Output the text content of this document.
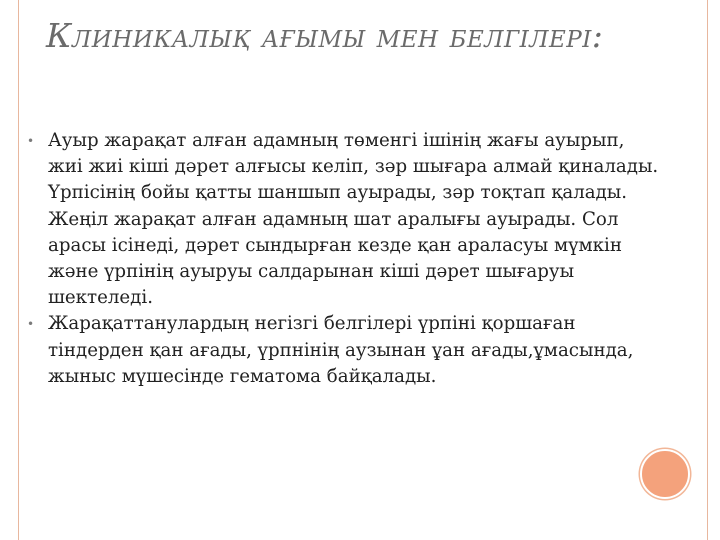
Клиникалық ағымы мен белгілері:
• Ауыр жарақат алған адамның төменгі ішінің жағы ауырып, жиі жиі кіші дәрет алғысы келіп, зәр шығара алмай қиналады. Үрпісінің бойы қатты шаншып ауырады, зәр тоқтап қалады. Жеңіл жарақат алған адамның шат аралығы ауырады. Сол арасы ісінеді, дәрет сындырған кезде қан араласуы мүмкін және үрпінің ауыруы салдарынан кіші дәрет шығаруы шектеледі.
• Жарақаттанулардың негізгі белгілері үрпіні қоршаған тіндерден қан ағады, үрпнінің аузынан ұан ағады,ұмасында, жыныс мүшесінде гематома байқалады.
